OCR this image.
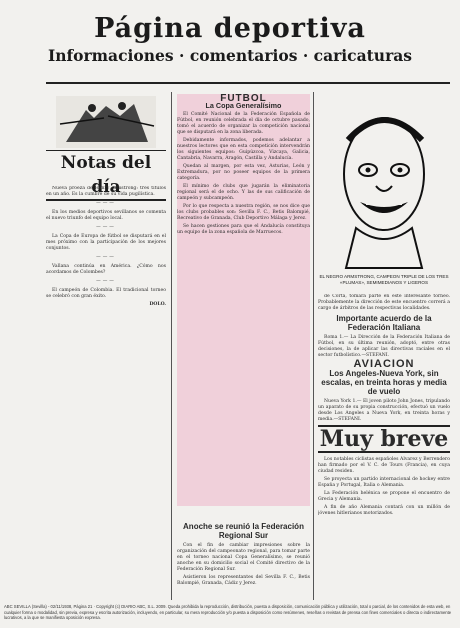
Página deportiva
Informaciones · comentarios · caricaturas
Notas del día

Nueva proeza de Henry Armstrong: tres títulos en un año. Es la cumbre de su vida pugilística.

———

En los medios deportivos sevillanos se comenta el nuevo triunfo del equipo local.

———

La Copa de Europa de fútbol se disputará en el mes próximo con la participación de los mejores conjuntos.

———

Vallana continúa en América. ¿Cómo nos acordamos de Colombes?

———

El campeón de Colombia. El tradicional torneo se celebró con gran éxito.

DOLO.

FUTBOL
La Copa Generalísimo

El Comité Nacional de la Federación Española de Fútbol, en reunión celebrada el día de octubre pasado, tomó el acuerdo de organizar la competición nacional que se disputará en la zona liberada.

Debidamente informados, podemos adelantar a nuestros lectores que en esta competición intervendrán los siguientes equipos: Guipúzcoa, Vizcaya, Galicia, Cantabria, Navarra, Aragón, Castilla y Andalucía.

Quedan al margen, por esta vez, Asturias, León y Extremadura, por no poseer equipos de la primera categoría.

El mínimo de clubs que jugarán la eliminatoria regional será el de ocho. Y las de sus calificación de campeón y subcampeón.

Por lo que respecta a nuestra región, se nos dice que los clubs probables son: Sevilla F. C., Betis Balompié, Recreativo de Granada, Club Deportivo Málaga y Jerez.

Se hacen gestiones para que el Andalucía constituya un equipo de la zona española de Marruecos.

Anoche se reunió la Federación Regional Sur

Con el fin de cambiar impresiones sobre la organización del campeonato regional, para tomar parte en el torneo nacional Copa Generalísimo, se reunió anoche en su domicilio social el Comité directivo de la Federación Regional Sur.

Asistieron los representantes del Sevilla F. C., Betis Balompié, Granada, Cádiz y Jerez.

EL NEGRO ARMSTRONG, CAMPEON TRIPLE DE LOS TRES «PLUMAS», SEMIMEDIANOS Y LIGEROS

de Corta, tomará parte en este interesante torneo. Probablemente la dirección de este encuentro correrá a cargo de árbitros de las respectivas localidades.

Importante acuerdo de la Federación Italiana

Roma 1.— La Dirección de la Federación Italiana de Fútbol, en su última reunión, adoptó, entre otras decisiones, la de aplicar las directivas raciales en el sector futbolístico.—STEFANI.

AVIACION
Los Angeles-Nueva York, sin escalas, en treinta horas y media de vuelo

Nueva York 1.— El joven piloto John Jones, tripulando un aparato de su propia construcción, efectuó un vuelo desde Los Angeles a Nueva York, en treinta horas y media.—STEFANI.

Muy breve

Los notables ciclistas españoles Alvarez y Berrendero han firmado por el V. C. de Tours (Francia), en cuya ciudad residen.

Se proyecta un partido internacional de hockey entre España y Portugal, Italia o Alemania.

La Federación helénica se propone el encuentro de Grecia y Alemania.

A fin de año Alemania contará con un millón de jóvenes hitlerianos motorizados.

ABC SEVILLA (Sevilla) - 02/11/1938, Página 21 · Copyright (c) DIARIO ABC, S.L. 2009. Queda prohibida la reproducción, distribución, puesta a disposición, comunicación pública y utilización, total o parcial, de los contenidos de esta web, en cualquier forma o modalidad, sin previa, expresa y escrita autorización, incluyendo, en particular, su mera reproducción y/o puesta a disposición como resúmenes, reseñas o revistas de prensa con fines comerciales o directa o indirectamente lucrativos, a la que se manifiesta oposición expresa.
